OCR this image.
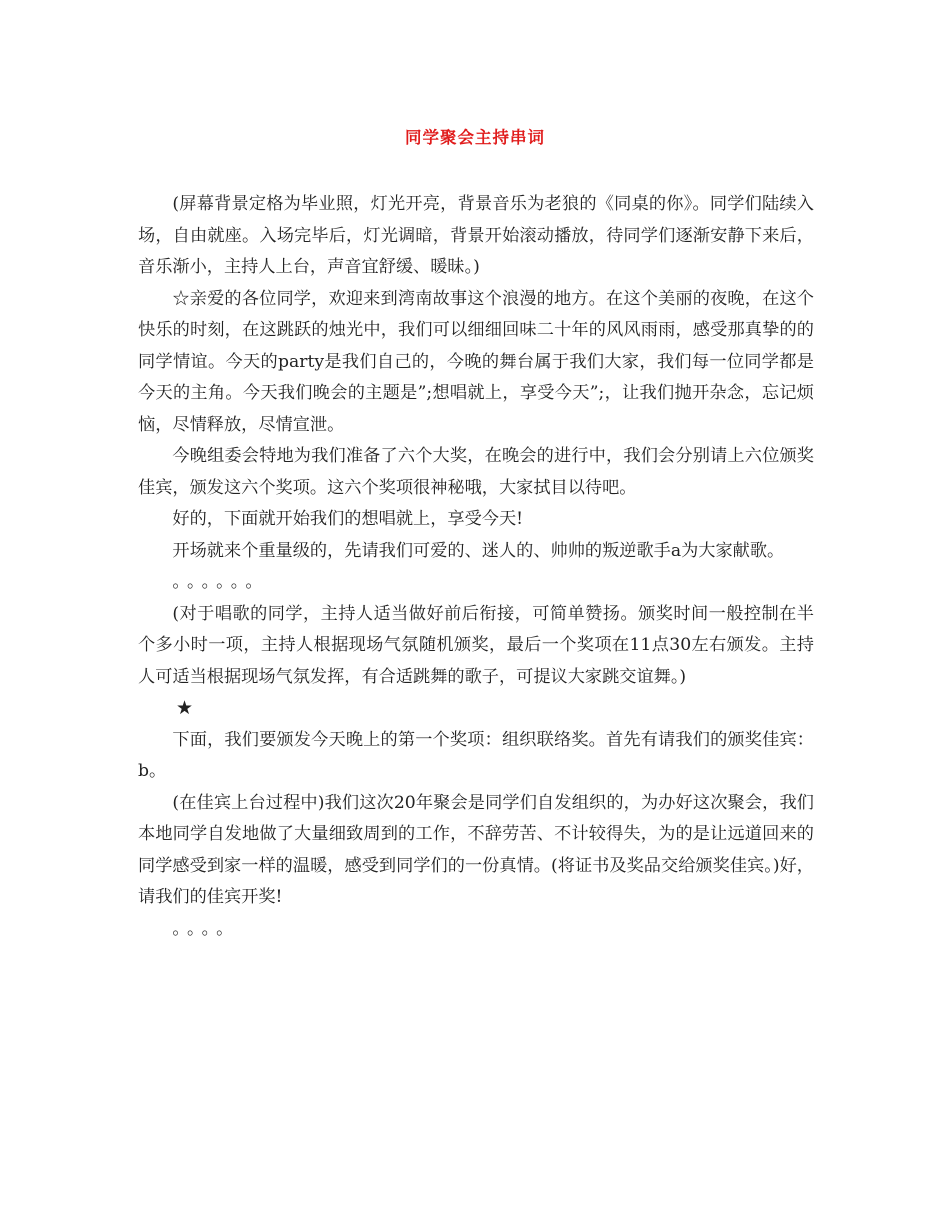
同学聚会主持串词

(屏幕背景定格为毕业照，灯光开亮，背景音乐为老狼的《同桌的你》。同学们陆续入场，自由就座。入场完毕后，灯光调暗，背景开始滚动播放，待同学们逐渐安静下来后，音乐渐小，主持人上台，声音宜舒缓、暖昧。)

☆亲爱的各位同学，欢迎来到湾南故事这个浪漫的地方。在这个美丽的夜晚，在这个快乐的时刻，在这跳跃的烛光中，我们可以细细回味二十年的风风雨雨，感受那真挚的的同学情谊。今天的party是我们自己的，今晚的舞台属于我们大家，我们每一位同学都是今天的主角。今天我们晚会的主题是”;想唱就上，享受今天”;，让我们抛开杂念，忘记烦恼，尽情释放，尽情宣泄。

今晚组委会特地为我们准备了六个大奖，在晚会的进行中，我们会分别请上六位颁奖佳宾，颁发这六个奖项。这六个奖项很神秘哦，大家拭目以待吧。

好的，下面就开始我们的想唱就上，享受今天!

开场就来个重量级的，先请我们可爱的、迷人的、帅帅的叛逆歌手a为大家献歌。

。。。。。。

(对于唱歌的同学，主持人适当做好前后衔接，可简单赞扬。颁奖时间一般控制在半个多小时一项，主持人根据现场气氛随机颁奖，最后一个奖项在11点30左右颁发。主持人可适当根据现场气氛发挥，有合适跳舞的歌子，可提议大家跳交谊舞。)

★

下面，我们要颁发今天晚上的第一个奖项：组织联络奖。首先有请我们的颁奖佳宾：b。

(在佳宾上台过程中)我们这次20年聚会是同学们自发组织的，为办好这次聚会，我们本地同学自发地做了大量细致周到的工作，不辞劳苦、不计较得失，为的是让远道回来的同学感受到家一样的温暖，感受到同学们的一份真情。(将证书及奖品交给颁奖佳宾。)好，请我们的佳宾开奖!

。。。。
